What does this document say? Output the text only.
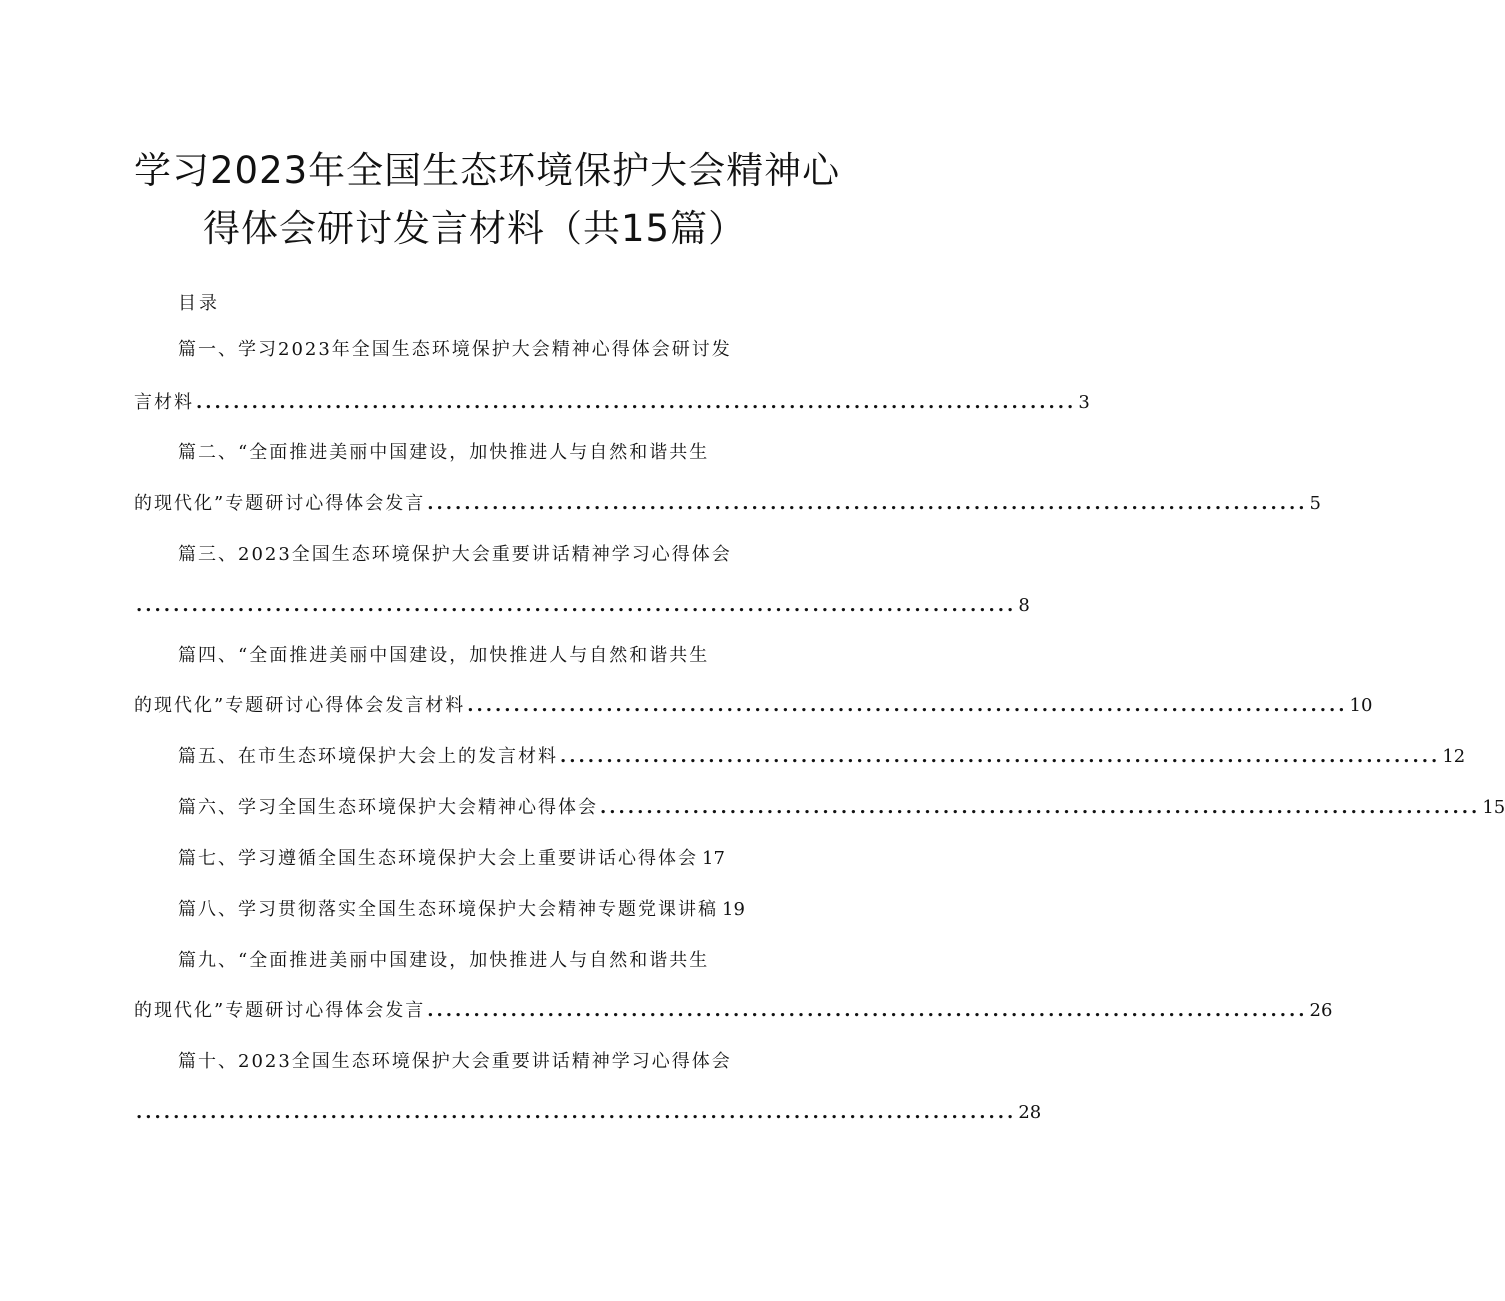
学习2023年全国生态环境保护大会精神心
得体会研讨发言材料（共15篇）
目录
篇一、学习2023年全国生态环境保护大会精神心得体会研讨发
言材料 ............................................................................................... 3
篇二、“全面推进美丽中国建设，加快推进人与自然和谐共生
的现代化”专题研讨心得体会发言 ............................................................................................... 5
篇三、2023全国生态环境保护大会重要讲话精神学习心得体会
............................................................................................... 8
篇四、“全面推进美丽中国建设，加快推进人与自然和谐共生
的现代化”专题研讨心得体会发言材料 ............................................................................................... 10
篇五、在市生态环境保护大会上的发言材料 ............................................................................................... 12
篇六、学习全国生态环境保护大会精神心得体会 ............................................................................................... 15
篇七、学习遵循全国生态环境保护大会上重要讲话心得体会 17
篇八、学习贯彻落实全国生态环境保护大会精神专题党课讲稿 19
篇九、“全面推进美丽中国建设，加快推进人与自然和谐共生
的现代化”专题研讨心得体会发言 ............................................................................................... 26
篇十、2023全国生态环境保护大会重要讲话精神学习心得体会
............................................................................................... 28
